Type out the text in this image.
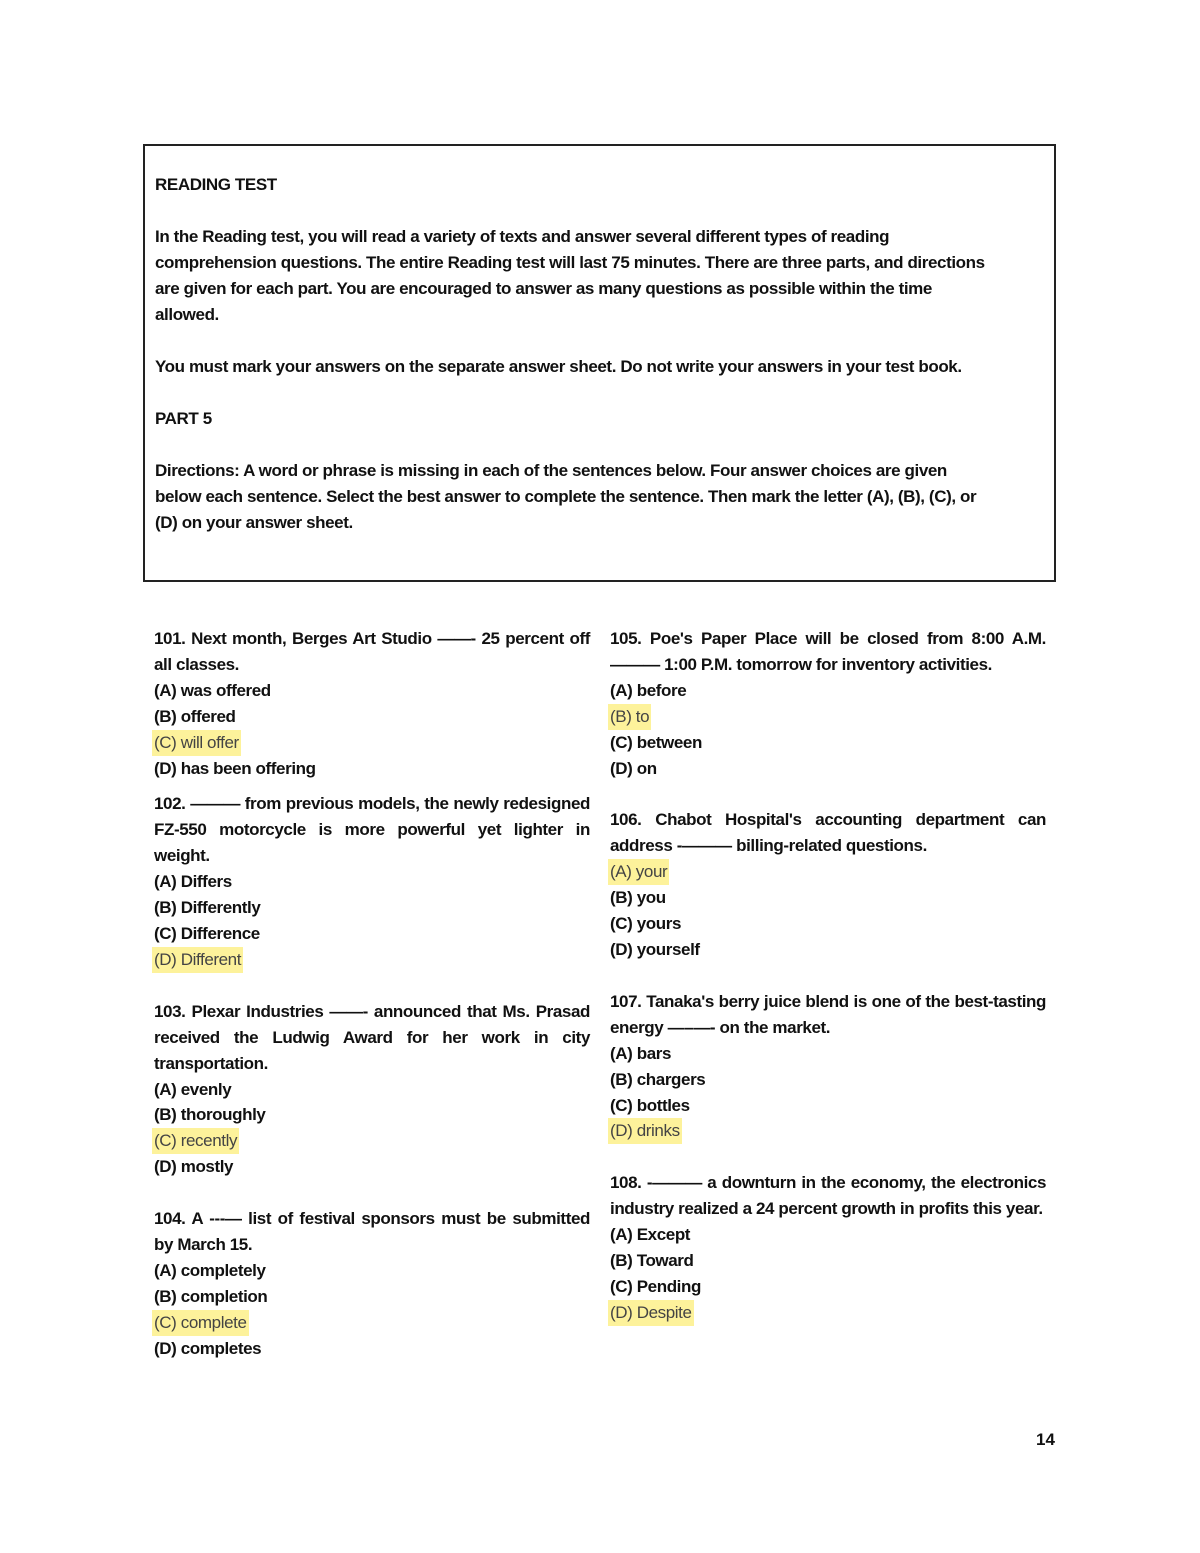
READING TEST

In the Reading test, you will read a variety of texts and answer several different types of reading comprehension questions. The entire Reading test will last 75 minutes. There are three parts, and directions are given for each part. You are encouraged to answer as many questions as possible within the time allowed.

You must mark your answers on the separate answer sheet. Do not write your answers in your test book.

PART 5

Directions: A word or phrase is missing in each of the sentences below. Four answer choices are given below each sentence. Select the best answer to complete the sentence. Then mark the letter (A), (B), (C), or (D) on your answer sheet.

101. Next month, Berges Art Studio ——- 25 percent off all classes.

(A) was offered

(B) offered

(C) will offer

(D) has been offering

102. ——— from previous models, the newly redesigned FZ-550 motorcycle is more powerful yet lighter in weight.

(A) Differs

(B) Differently

(C) Difference

(D) Different

103. Plexar Industries ——- announced that Ms. Prasad received the Ludwig Award for her work in city transportation.

(A) evenly

(B) thoroughly

(C) recently

(D) mostly

104. A ---— list of festival sponsors must be submitted by March 15.

(A) completely

(B) completion

(C) complete

(D) completes

105. Poe's Paper Place will be closed from 8:00 A.M. ——— 1:00 P.M. tomorrow for inventory activities.

(A) before

(B) to

(C) between

(D) on

106. Chabot Hospital's accounting department can address -——— billing-related questions.

(A) your

(B) you

(C) yours

(D) yourself

107. Tanaka's berry juice blend is one of the best-tasting energy —–—- on the market.

(A) bars

(B) chargers

(C) bottles

(D) drinks

108. -——— a downturn in the economy, the electronics industry realized a 24 percent growth in profits this year.

(A) Except

(B) Toward

(C) Pending

(D) Despite

14
